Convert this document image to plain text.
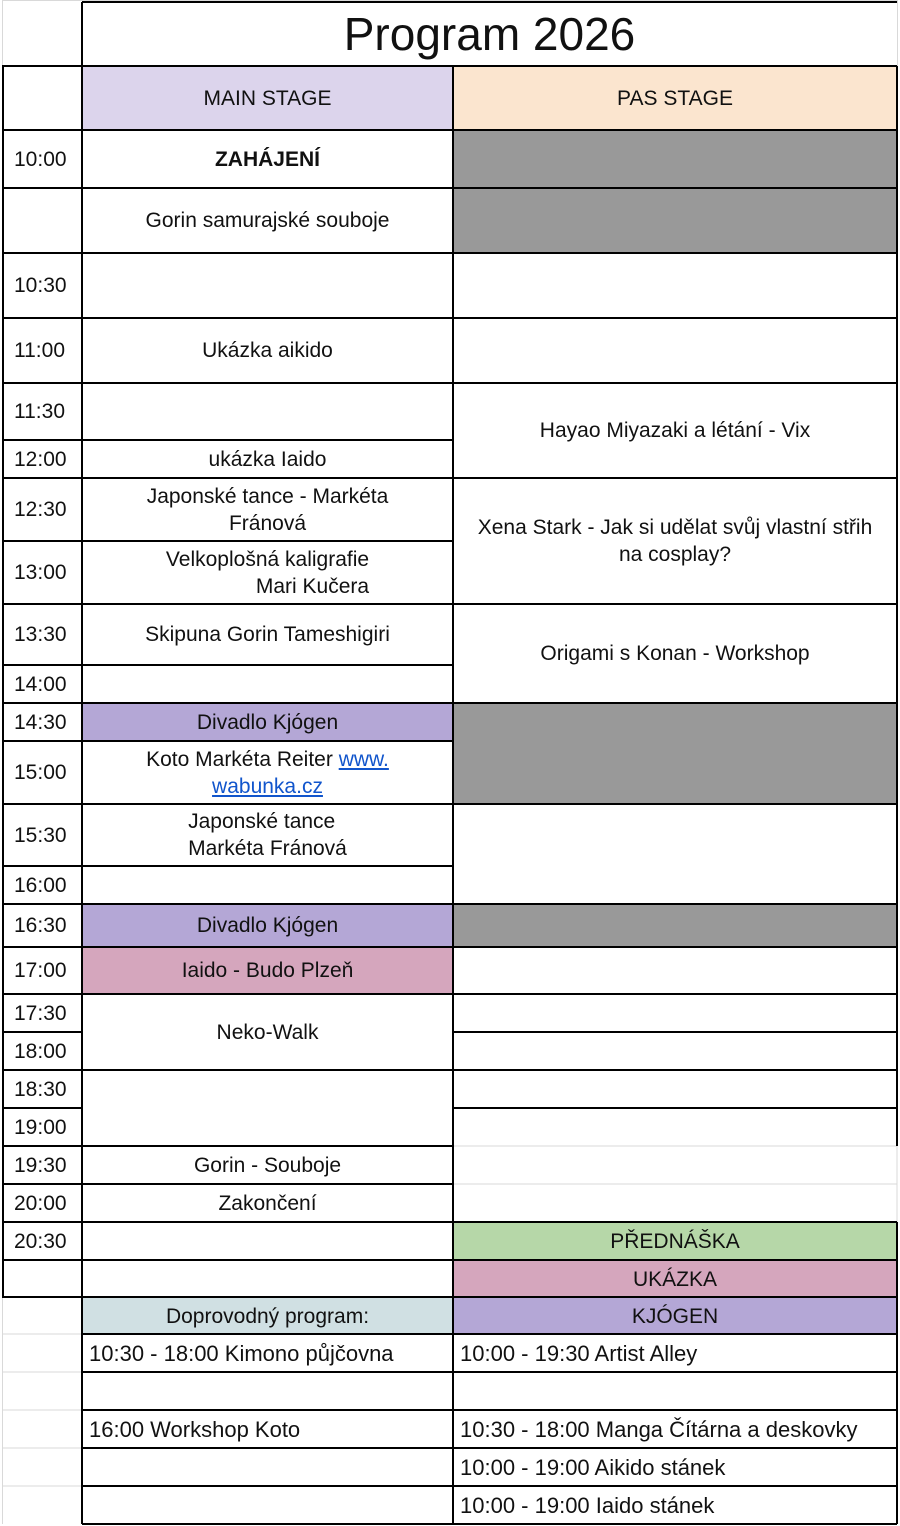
Program 2026
MAIN STAGE	PAS STAGE
10:00
10:30
11:00
11:30
12:00
12:30
13:00
13:30
14:00
14:30
15:00
15:30
16:00
16:30
17:00
17:30
18:00
18:30
19:00
19:30
20:00
20:30
ZAHÁJENÍ
Gorin samurajské souboje
Ukázka aikido
ukázka Iaido
Japonské tance - Markéta Fránová
Velkoplošná kaligrafie
Mari Kučera
Skipuna Gorin Tameshigiri
Divadlo Kjógen
Koto Markéta Reiter www.
wabunka.cz
Japonské tance
Markéta Fránová
Divadlo Kjógen
Iaido - Budo Plzeň
Neko-Walk
Gorin - Souboje
Zakončení
Hayao Miyazaki a létání - Vix
Xena Stark - Jak si udělat svůj vlastní střih na cosplay?
Origami s Konan - Workshop
PŘEDNÁŠKA
UKÁZKA
KJÓGEN
Doprovodný program:
10:30 - 18:00 Kimono půjčovna
16:00 Workshop Koto
10:00 - 19:30 Artist Alley
10:30 - 18:00 Manga Čítárna a deskovky
10:00 - 19:00 Aikido stánek
10:00 - 19:00 Iaido stánek
